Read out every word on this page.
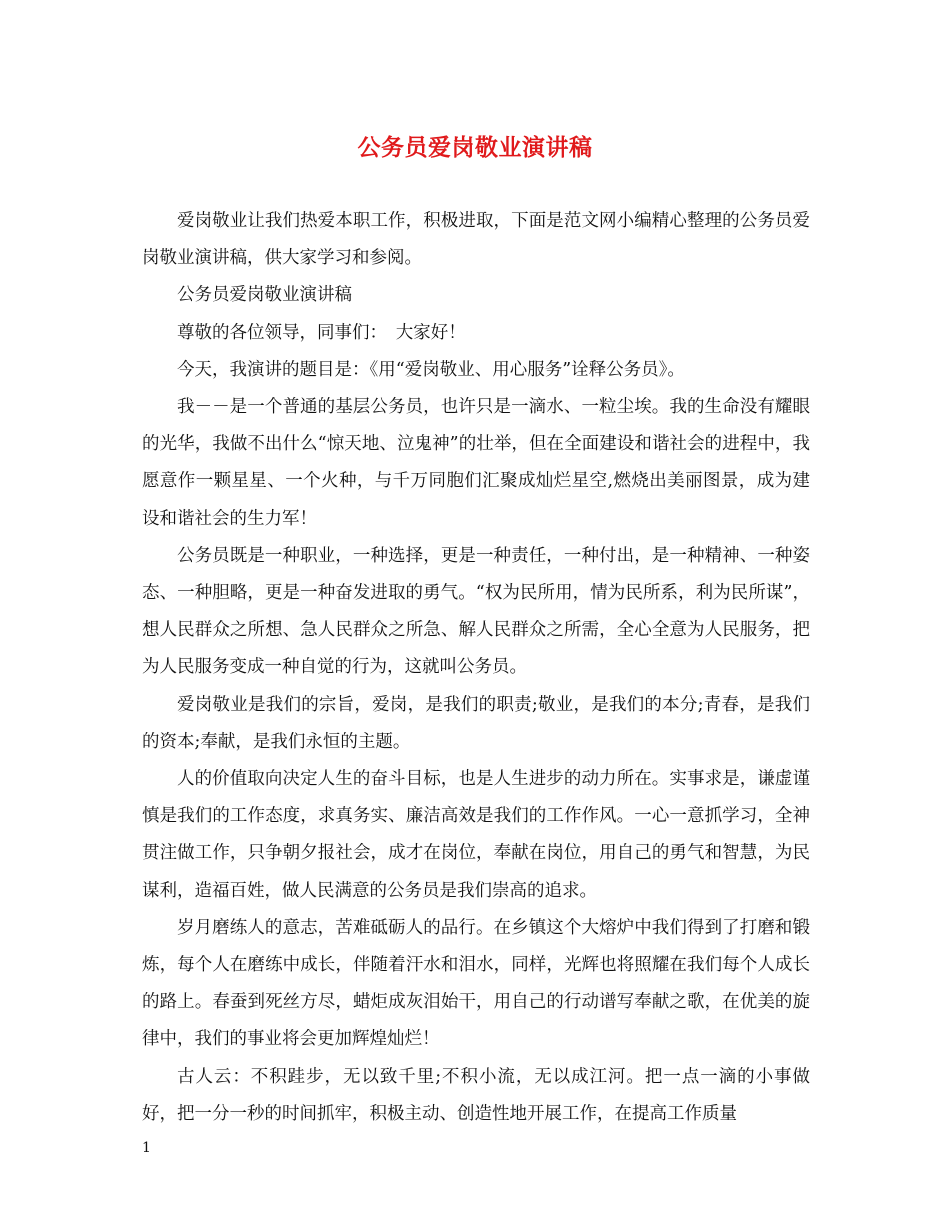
公务员爱岗敬业演讲稿

爱岗敬业让我们热爱本职工作，积极进取，下面是范文网小编精心整理的公务员爱岗敬业演讲稿，供大家学习和参阅。

公务员爱岗敬业演讲稿

尊敬的各位领导，同事们：　大家好！

今天，我演讲的题目是：《用“爱岗敬业、用心服务”诠释公务员》。

我－－是一个普通的基层公务员，也许只是一滴水、一粒尘埃。我的生命没有耀眼的光华，我做不出什么“惊天地、泣鬼神”的壮举，但在全面建设和谐社会的进程中，我愿意作一颗星星、一个火种，与千万同胞们汇聚成灿烂星空,燃烧出美丽图景，成为建设和谐社会的生力军！

公务员既是一种职业，一种选择，更是一种责任，一种付出，是一种精神、一种姿态、一种胆略，更是一种奋发进取的勇气。“权为民所用，情为民所系，利为民所谋”，想人民群众之所想、急人民群众之所急、解人民群众之所需，全心全意为人民服务，把为人民服务变成一种自觉的行为，这就叫公务员。

爱岗敬业是我们的宗旨，爱岗，是我们的职责;敬业，是我们的本分;青春，是我们的资本;奉献，是我们永恒的主题。

人的价值取向决定人生的奋斗目标，也是人生进步的动力所在。实事求是，谦虚谨慎是我们的工作态度，求真务实、廉洁高效是我们的工作作风。一心一意抓学习，全神贯注做工作，只争朝夕报社会，成才在岗位，奉献在岗位，用自己的勇气和智慧，为民谋利，造福百姓，做人民满意的公务员是我们崇高的追求。

岁月磨练人的意志，苦难砥砺人的品行。在乡镇这个大熔炉中我们得到了打磨和锻炼，每个人在磨练中成长，伴随着汗水和泪水，同样，光辉也将照耀在我们每个人成长的路上。春蚕到死丝方尽，蜡炬成灰泪始干，用自己的行动谱写奉献之歌，在优美的旋律中，我们的事业将会更加辉煌灿烂！

古人云：不积跬步，无以致千里;不积小流，无以成江河。把一点一滴的小事做好，把一分一秒的时间抓牢，积极主动、创造性地开展工作，在提高工作质量

1
